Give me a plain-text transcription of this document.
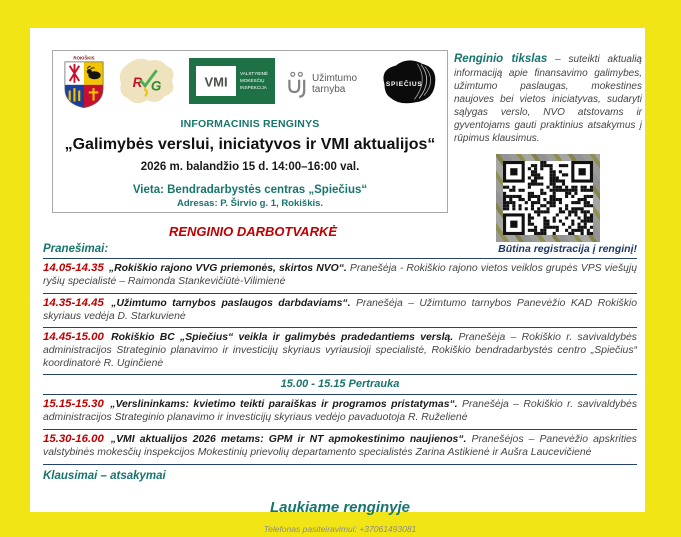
ROKIŠKIS
R G	VMI
VALSTYBINĖ
MOKESČIŲ
INSPEKCIJA
Užimtumo tarnyba	SPIEČIUS
INFORMACINIS RENGINYS
„Galimybės verslui, iniciatyvos ir VMI aktualijos“
2026 m. balandžio 15 d. 14:00–16:00 val.
Vieta: Bendradarbystės centras „Spiečius“
Adresas: P. Širvio g. 1, Rokiškis.
Renginio tikslas – suteikti aktualią informaciją apie finansavimo galimybes, užimtumo paslaugas, mokestines naujoves bei vietos iniciatyvas, sudaryti sąlygas verslo, NVO atstovams ir gyventojams gauti praktinius atsakymus į rūpimus klausimus.
RENGINIO DARBOTVARKĖ
Pranešimai:	Būtina registracija į renginį!
14.05-14.35 „Rokiškio rajono VVG priemonės, skirtos NVO“. Pranešėja - Rokiškio rajono vietos veiklos grupės VPS viešųjų ryšių specialistė – Raimonda Stankevičiūtė-Vilimienė
14.35-14.45 „Užimtumo tarnybos paslaugos darbdaviams“. Pranešėja – Užimtumo tarnybos Panevėžio KAD Rokiškio skyriaus vedėja D. Starkuvienė
14.45-15.00 Rokiškio BC „Spiečius“ veikla ir galimybės pradedantiems verslą. Pranešėja – Rokiškio r. savivaldybės administracijos Strateginio planavimo ir investicijų skyriaus vyriausioji specialistė, Rokiškio bendradarbystės centro „Spiečius“ koordinatorė R. Uginčienė
15.00 - 15.15 Pertrauka
15.15-15.30 „Verslininkams: kvietimo teikti paraiškas ir programos pristatymas“. Pranešėja – Rokiškio r. savivaldybės administracijos Strateginio planavimo ir investicijų skyriaus vedėjo pavaduotoja R. Ruželienė
15.30-16.00 „VMI aktualijos 2026 metams: GPM ir NT apmokestinimo naujienos“. Pranešėjos – Panevėžio apskrities valstybinės mokesčių inspekcijos Mokestinių prievolių departamento specialistės Zarina Astikienė ir Aušra Laucevičienė
Klausimai – atsakymai
Laukiame renginyje
Telefonas pasiteiravimui: +37061493081
